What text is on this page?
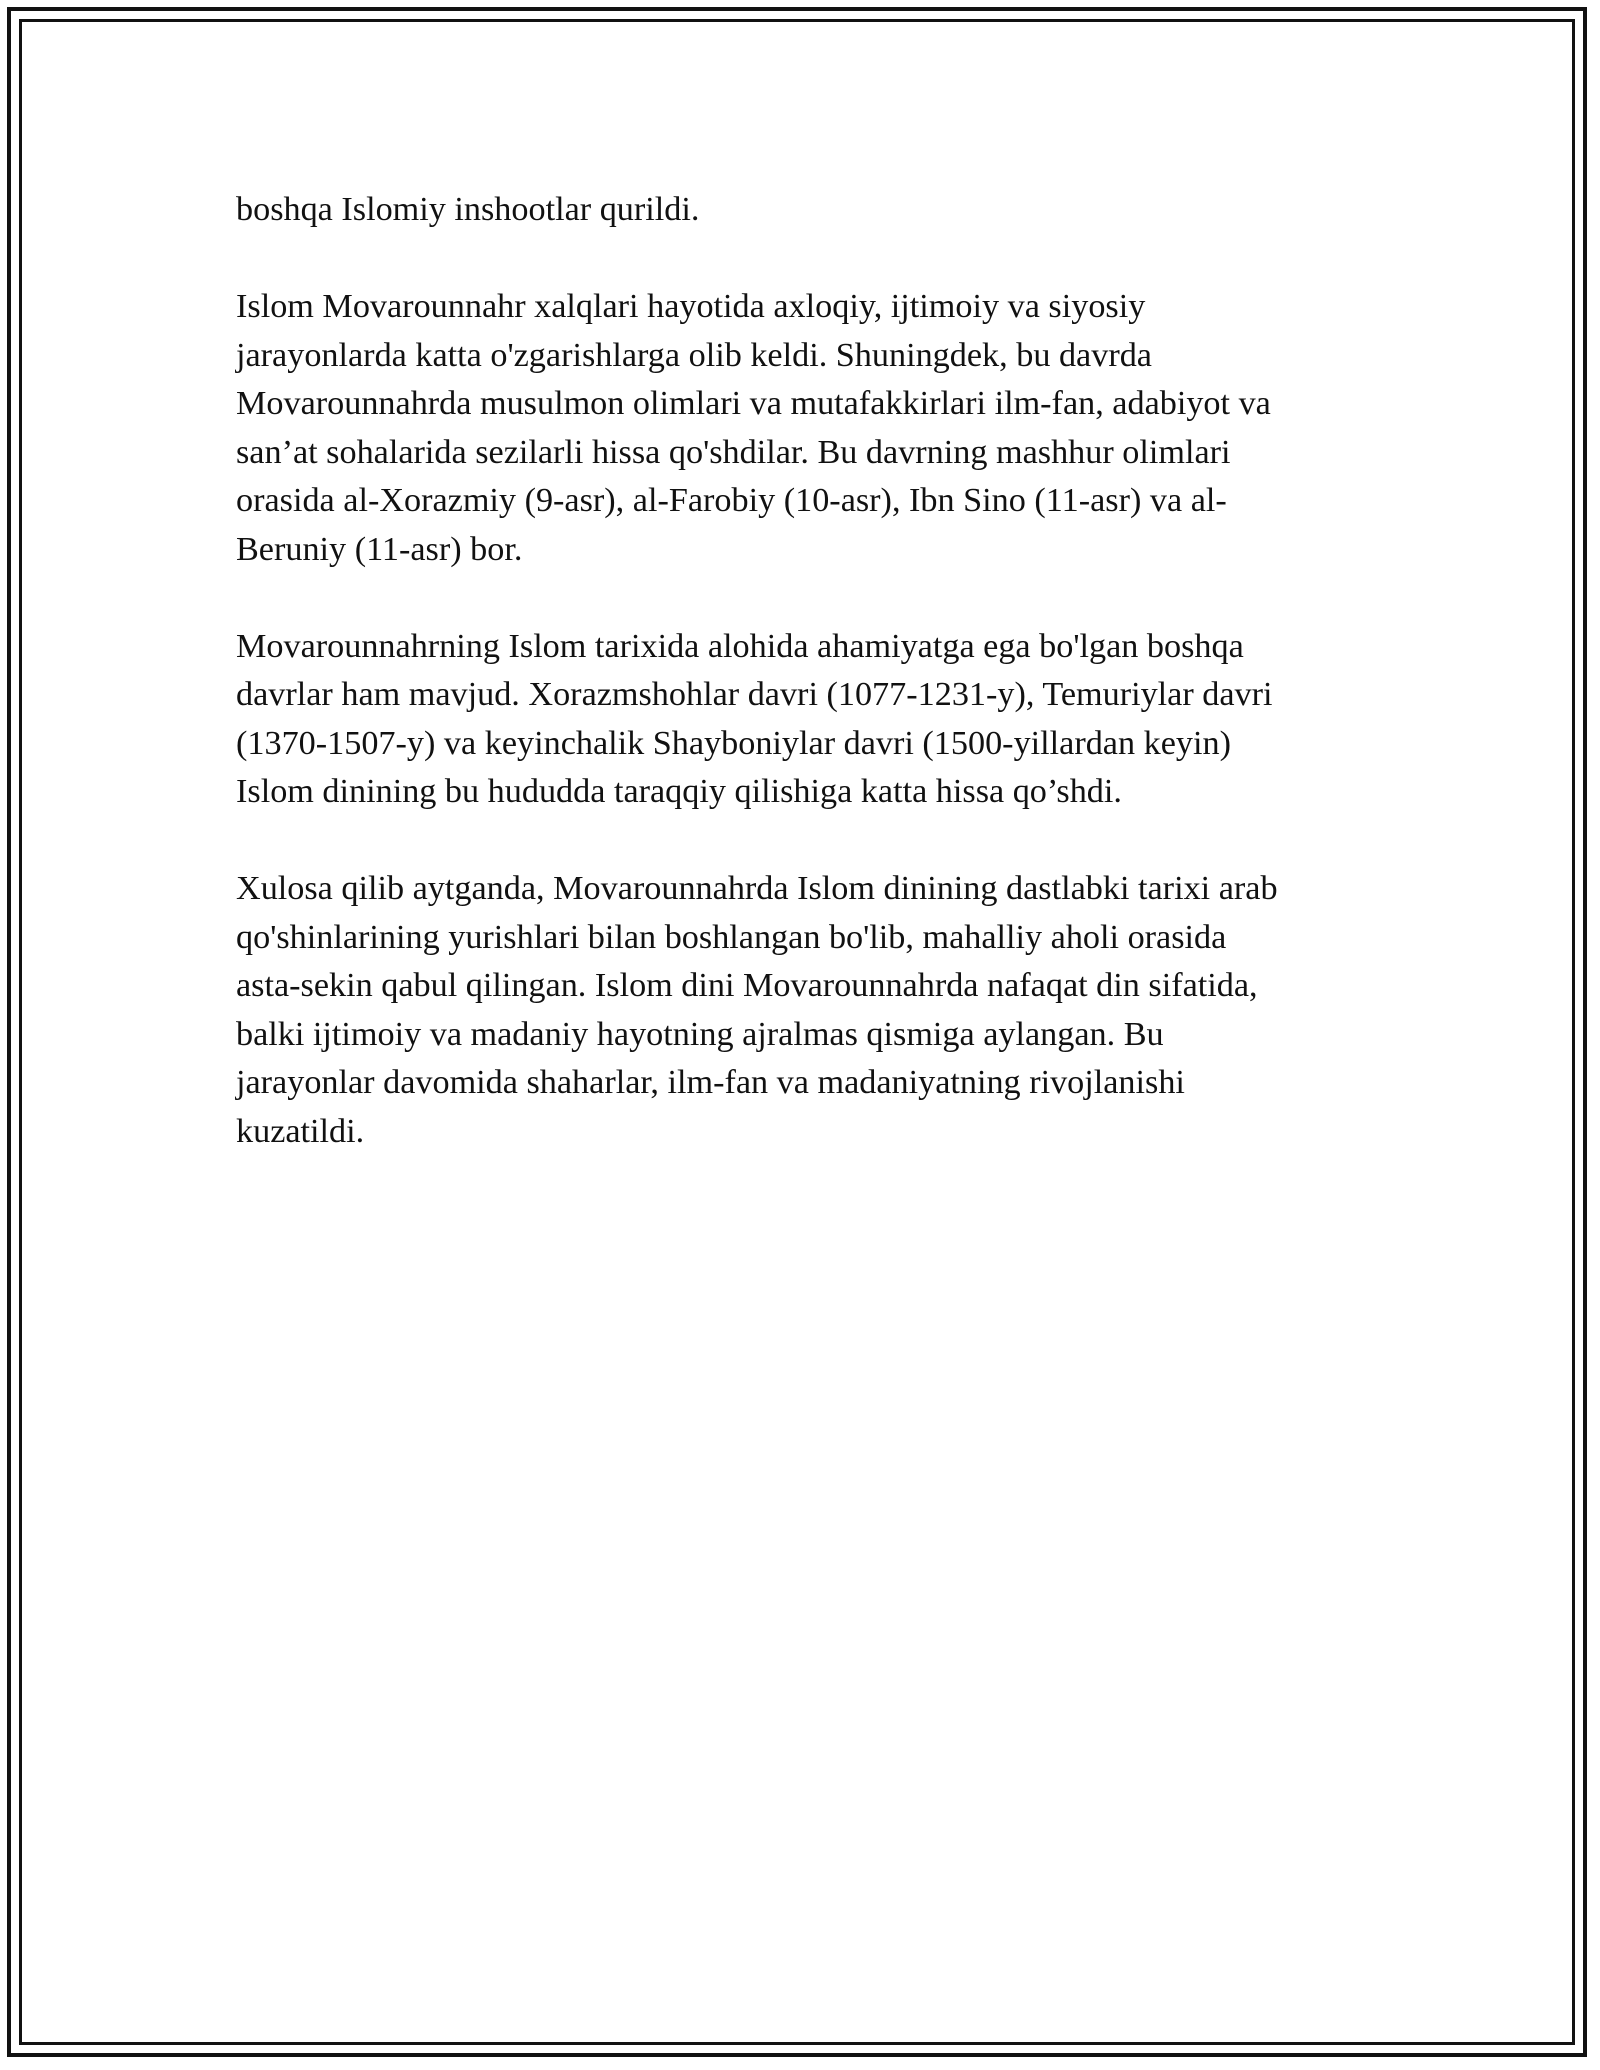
boshqa Islomiy inshootlar qurildi.

Islom Movarounnahr xalqlari hayotida axloqiy, ijtimoiy va siyosiy
jarayonlarda katta o'zgarishlarga olib keldi. Shuningdek, bu davrda
Movarounnahrda musulmon olimlari va mutafakkirlari ilm-fan, adabiyot va
san’at sohalarida sezilarli hissa qo'shdilar. Bu davrning mashhur olimlari
orasida al-Xorazmiy (9-asr), al-Farobiy (10-asr), Ibn Sino (11-asr) va al-
Beruniy (11-asr) bor.

Movarounnahrning Islom tarixida alohida ahamiyatga ega bo'lgan boshqa
davrlar ham mavjud. Xorazmshohlar davri (1077-1231-y), Temuriylar davri
(1370-1507-y) va keyinchalik Shayboniylar davri (1500-yillardan keyin)
Islom dinining bu hududda taraqqiy qilishiga katta hissa qo’shdi.

Xulosa qilib aytganda, Movarounnahrda Islom dinining dastlabki tarixi arab
qo'shinlarining yurishlari bilan boshlangan bo'lib, mahalliy aholi orasida
asta-sekin qabul qilingan. Islom dini Movarounnahrda nafaqat din sifatida,
balki ijtimoiy va madaniy hayotning ajralmas qismiga aylangan. Bu
jarayonlar davomida shaharlar, ilm-fan va madaniyatning rivojlanishi
kuzatildi.
